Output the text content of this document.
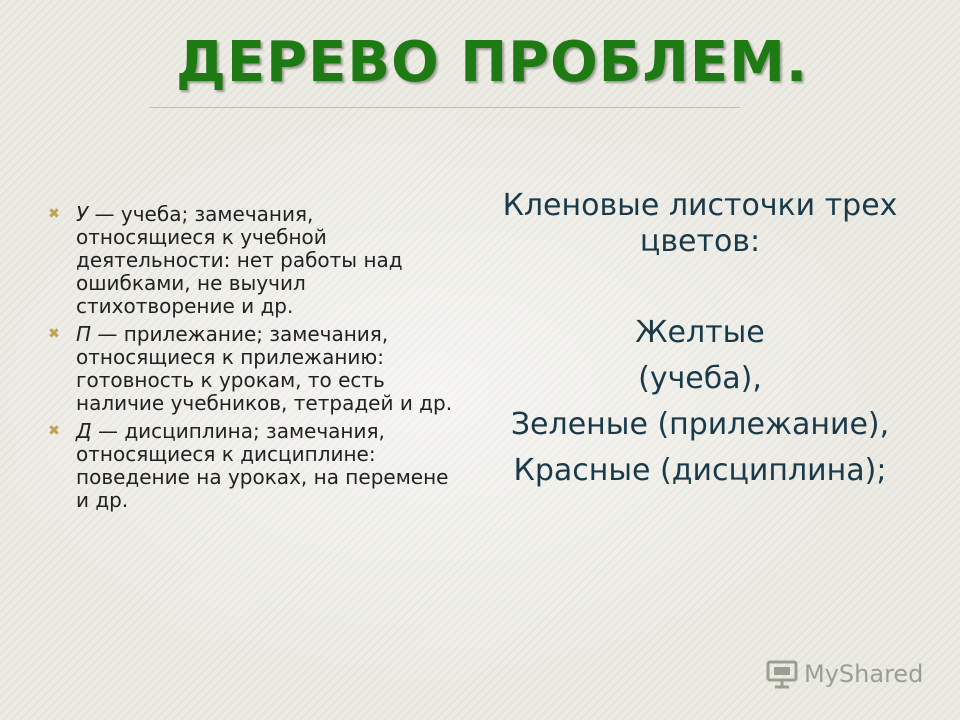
ДЕРЕВО ПРОБЛЕМ.
✖ У — учеба; замечания, относящиеся к учебной деятельности: нет работы над ошибками, не выучил стихотворение и др.
✖ П — прилежание; замечания, относящиеся к прилежанию: готовность к урокам, то есть наличие учебников, тетрадей и др.
✖ Д — дисциплина; замечания, относящиеся к дисциплине: поведение на уроках, на перемене и др.
Кленовые листочки трех цветов:
Желтые
(учеба),
Зеленые (прилежание),
Красные (дисциплина);
MyShared
